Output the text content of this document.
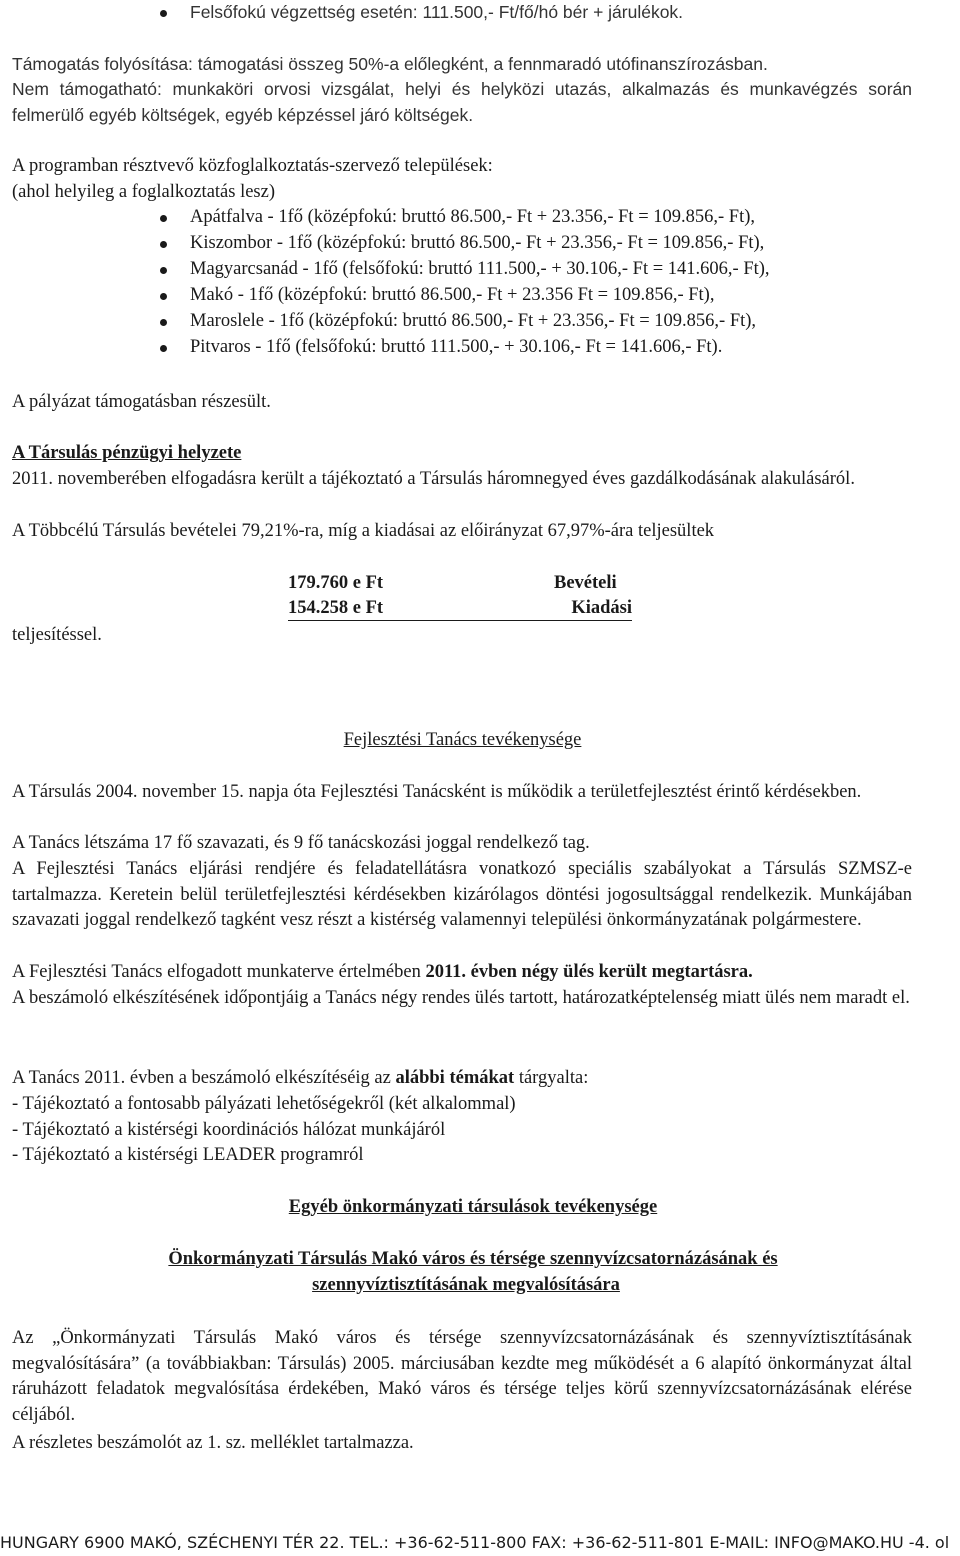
Felsőfokú végzettség esetén: 111.500,- Ft/fő/hó bér + járulékok.

Támogatás folyósítása: támogatási összeg 50%-a előlegként, a fennmaradó utófinanszírozásban.

Nem támogatható: munkaköri orvosi vizsgálat, helyi és helyközi utazás, alkalmazás és munkavégzés során felmerülő egyéb költségek, egyéb képzéssel járó költségek.

A programban résztvevő közfoglalkoztatás-szervező települések:

(ahol helyileg a foglalkoztatás lesz)

Apátfalva - 1fő (középfokú: bruttó 86.500,- Ft + 23.356,- Ft = 109.856,- Ft),
Kiszombor - 1fő (középfokú: bruttó 86.500,- Ft + 23.356,- Ft = 109.856,- Ft),
Magyarcsanád - 1fő (felsőfokú: bruttó 111.500,- + 30.106,- Ft = 141.606,- Ft),
Makó - 1fő (középfokú: bruttó 86.500,- Ft + 23.356 Ft = 109.856,- Ft),
Maroslele - 1fő (középfokú: bruttó 86.500,- Ft + 23.356,- Ft = 109.856,- Ft),
Pitvaros - 1fő (felsőfokú: bruttó 111.500,- + 30.106,- Ft = 141.606,- Ft).

A pályázat támogatásban részesült.

A Társulás pénzügyi helyzete

2011. novemberében elfogadásra került a tájékoztató a Társulás háromnegyed éves gazdálkodásának alakulásáról.

A Többcélú Társulás bevételei 79,21%-ra, míg a kiadásai az előirányzat 67,97%-ára teljesültek

179.760 e Ft	Bevételi
154.258 e Ft	Kiadási

teljesítéssel.

Fejlesztési Tanács tevékenysége

A Társulás 2004. november 15. napja óta Fejlesztési Tanácsként is működik a területfejlesztést érintő kérdésekben.

A Tanács létszáma 17 fő szavazati, és 9 fő tanácskozási joggal rendelkező tag.

A Fejlesztési Tanács eljárási rendjére és feladatellátásra vonatkozó speciális szabályokat a Társulás SZMSZ-e tartalmazza. Keretein belül területfejlesztési kérdésekben kizárólagos döntési jogosultsággal rendelkezik. Munkájában szavazati joggal rendelkező tagként vesz részt a kistérség valamennyi települési önkormányzatának polgármestere.

A Fejlesztési Tanács elfogadott munkaterve értelmében 2011. évben négy ülés került megtartásra.

A beszámoló elkészítésének időpontjáig a Tanács négy rendes ülés tartott, határozatképtelenség miatt ülés nem maradt el.

A Tanács 2011. évben a beszámoló elkészítéséig az alábbi témákat tárgyalta:

- Tájékoztató a fontosabb pályázati lehetőségekről (két alkalommal)

- Tájékoztató a kistérségi koordinációs hálózat munkájáról

- Tájékoztató a kistérségi LEADER programról

Egyéb önkormányzati társulások tevékenysége

Önkormányzati Társulás Makó város és térsége szennyvízcsatornázásának és

szennyvíztisztításának megvalósítására

Az „Önkormányzati Társulás Makó város és térsége szennyvízcsatornázásának és szennyvíztisztításának megvalósítására” (a továbbiakban: Társulás) 2005. márciusában kezdte meg működését a 6 alapító önkormányzat által ráruházott feladatok megvalósítása érdekében, Makó város és térsége teljes körű szennyvízcsatornázásának elérése céljából.

A részletes beszámolót az 1. sz. melléklet tartalmazza.

HUNGARY 6900 MAKÓ, SZÉCHENYI TÉR 22. TEL.: +36-62-511-800 FAX: +36-62-511-801 E-MAIL: INFO@MAKO.HU -4. ol
